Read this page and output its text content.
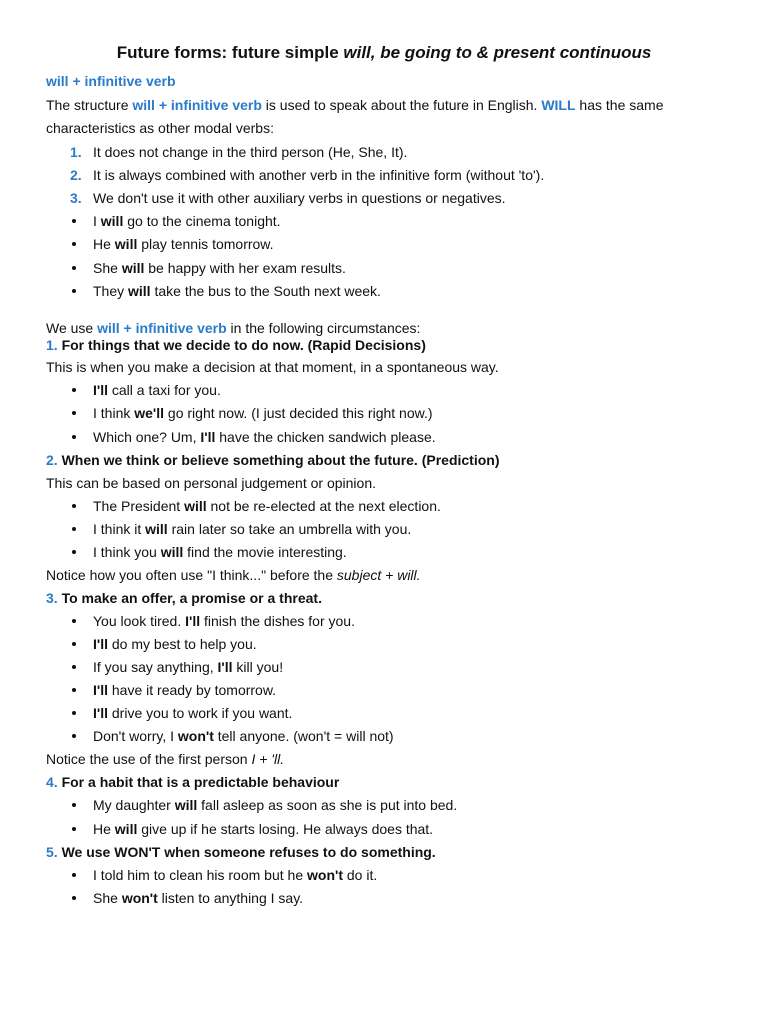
Future forms: future simple will, be going to & present continuous
will + infinitive verb
The structure will + infinitive verb is used to speak about the future in English. WILL has the same
characteristics as other modal verbs:
1. It does not change in the third person (He, She, It).
2. It is always combined with another verb in the infinitive form (without 'to').
3. We don't use it with other auxiliary verbs in questions or negatives.
I will go to the cinema tonight.
He will play tennis tomorrow.
She will be happy with her exam results.
They will take the bus to the South next week.
We use will + infinitive verb in the following circumstances:
1. For things that we decide to do now. (Rapid Decisions)
This is when you make a decision at that moment, in a spontaneous way.
I'll call a taxi for you.
I think we'll go right now. (I just decided this right now.)
Which one? Um, I'll have the chicken sandwich please.
2. When we think or believe something about the future. (Prediction)
This can be based on personal judgement or opinion.
The President will not be re-elected at the next election.
I think it will rain later so take an umbrella with you.
I think you will find the movie interesting.
Notice how you often use "I think..." before the subject + will.
3. To make an offer, a promise or a threat.
You look tired. I'll finish the dishes for you.
I'll do my best to help you.
If you say anything, I'll kill you!
I'll have it ready by tomorrow.
I'll drive you to work if you want.
Don't worry, I won't tell anyone. (won't = will not)
Notice the use of the first person I + 'll.
4. For a habit that is a predictable behaviour
My daughter will fall asleep as soon as she is put into bed.
He will give up if he starts losing. He always does that.
5. We use WON'T when someone refuses to do something.
I told him to clean his room but he won't do it.
She won't listen to anything I say.
